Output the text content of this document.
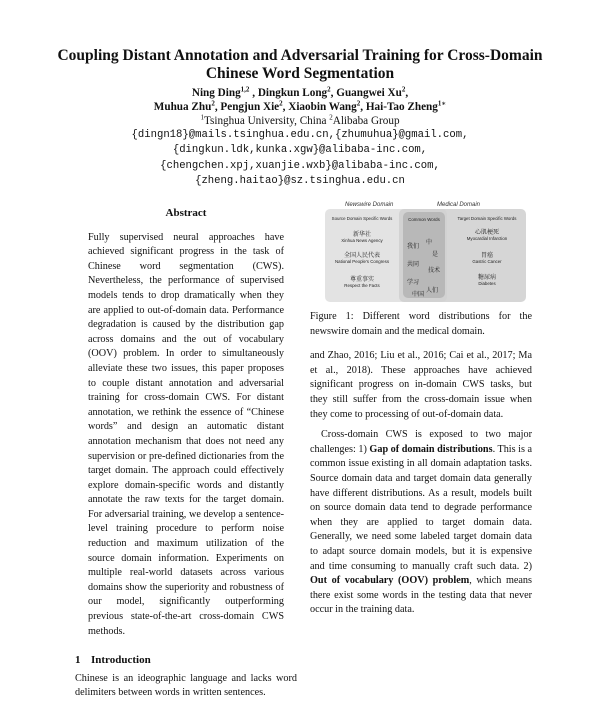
Coupling Distant Annotation and Adversarial Training for Cross-Domain
Chinese Word Segmentation
Ning Ding$^{1,2}$ , Dingkun Long$^2$, Guangwei Xu$^2$,
Muhua Zhu$^2$, Pengjun Xie$^2$, Xiaobin Wang$^2$, Hai-Tao Zheng$^{1∗}$
$^1$Tsinghua University, China $^2$Alibaba Group
{dingn18}@mails.tsinghua.edu.cn,{zhumuhua}@gmail.com,
{dingkun.ldk,kunka.xgw}@alibaba-inc.com,
{chengchen.xpj,xuanjie.wxb}@alibaba-inc.com,
{zheng.haitao}@sz.tsinghua.edu.cn
Abstract

Fully supervised neural approaches have achieved significant progress in the task of Chinese word segmentation (CWS). Nevertheless, the performance of supervised models tends to drop dramatically when they are applied to out-of-domain data. Performance degradation is caused by the distribution gap across domains and the out of vocabulary (OOV) problem. In order to simultaneously alleviate these two issues, this paper proposes to couple distant annotation and adversarial training for cross-domain CWS. For distant annotation, we rethink the essence of “Chinese words” and design an automatic distant annotation mechanism that does not need any supervision or pre-defined dictionaries from the target domain. The approach could effectively explore domain-specific words and distantly annotate the raw texts for the target domain. For adversarial training, we develop a sentence-level training procedure to perform noise reduction and maximum utilization of the source domain information. Experiments on multiple real-world datasets across various domains show the superiority and robustness of our model, significantly outperforming previous state-of-the-art cross-domain CWS methods.

1 Introduction

Chinese is an ideographic language and lacks word delimiters between words in written sentences.

Newswire Domain	Medical Domain
Source Domain Specific Words	Common Words	Target Domain Specific Words
新华社
Xinhua News Agency
全国人民代表
National People's Congress
尊重事实
Respect the Facts
我们
中
是
共同
技术
学习
人们
中国
心肌梗死
Myocardial Infarction
胃癌
Gastric Cancer
糖尿病
Diabetes

Figure 1: Different word distributions for the newswire domain and the medical domain.

and Zhao, 2016; Liu et al., 2016; Cai et al., 2017; Ma et al., 2018). These approaches have achieved significant progress on in-domain CWS tasks, but they still suffer from the cross-domain issue when they come to processing of out-of-domain data.

Cross-domain CWS is exposed to two major challenges: 1) Gap of domain distributions. This is a common issue existing in all domain adaptation tasks. Source domain data and target domain data generally have different distributions. As a result, models built on source domain data tend to degrade performance when they are applied to target domain data. Generally, we need some labeled target domain data to adapt source domain models, but it is expensive and time consuming to manually craft such data. 2) Out of vocabulary (OOV) problem, which means there exist some words in the testing data that never occur in the training data.
